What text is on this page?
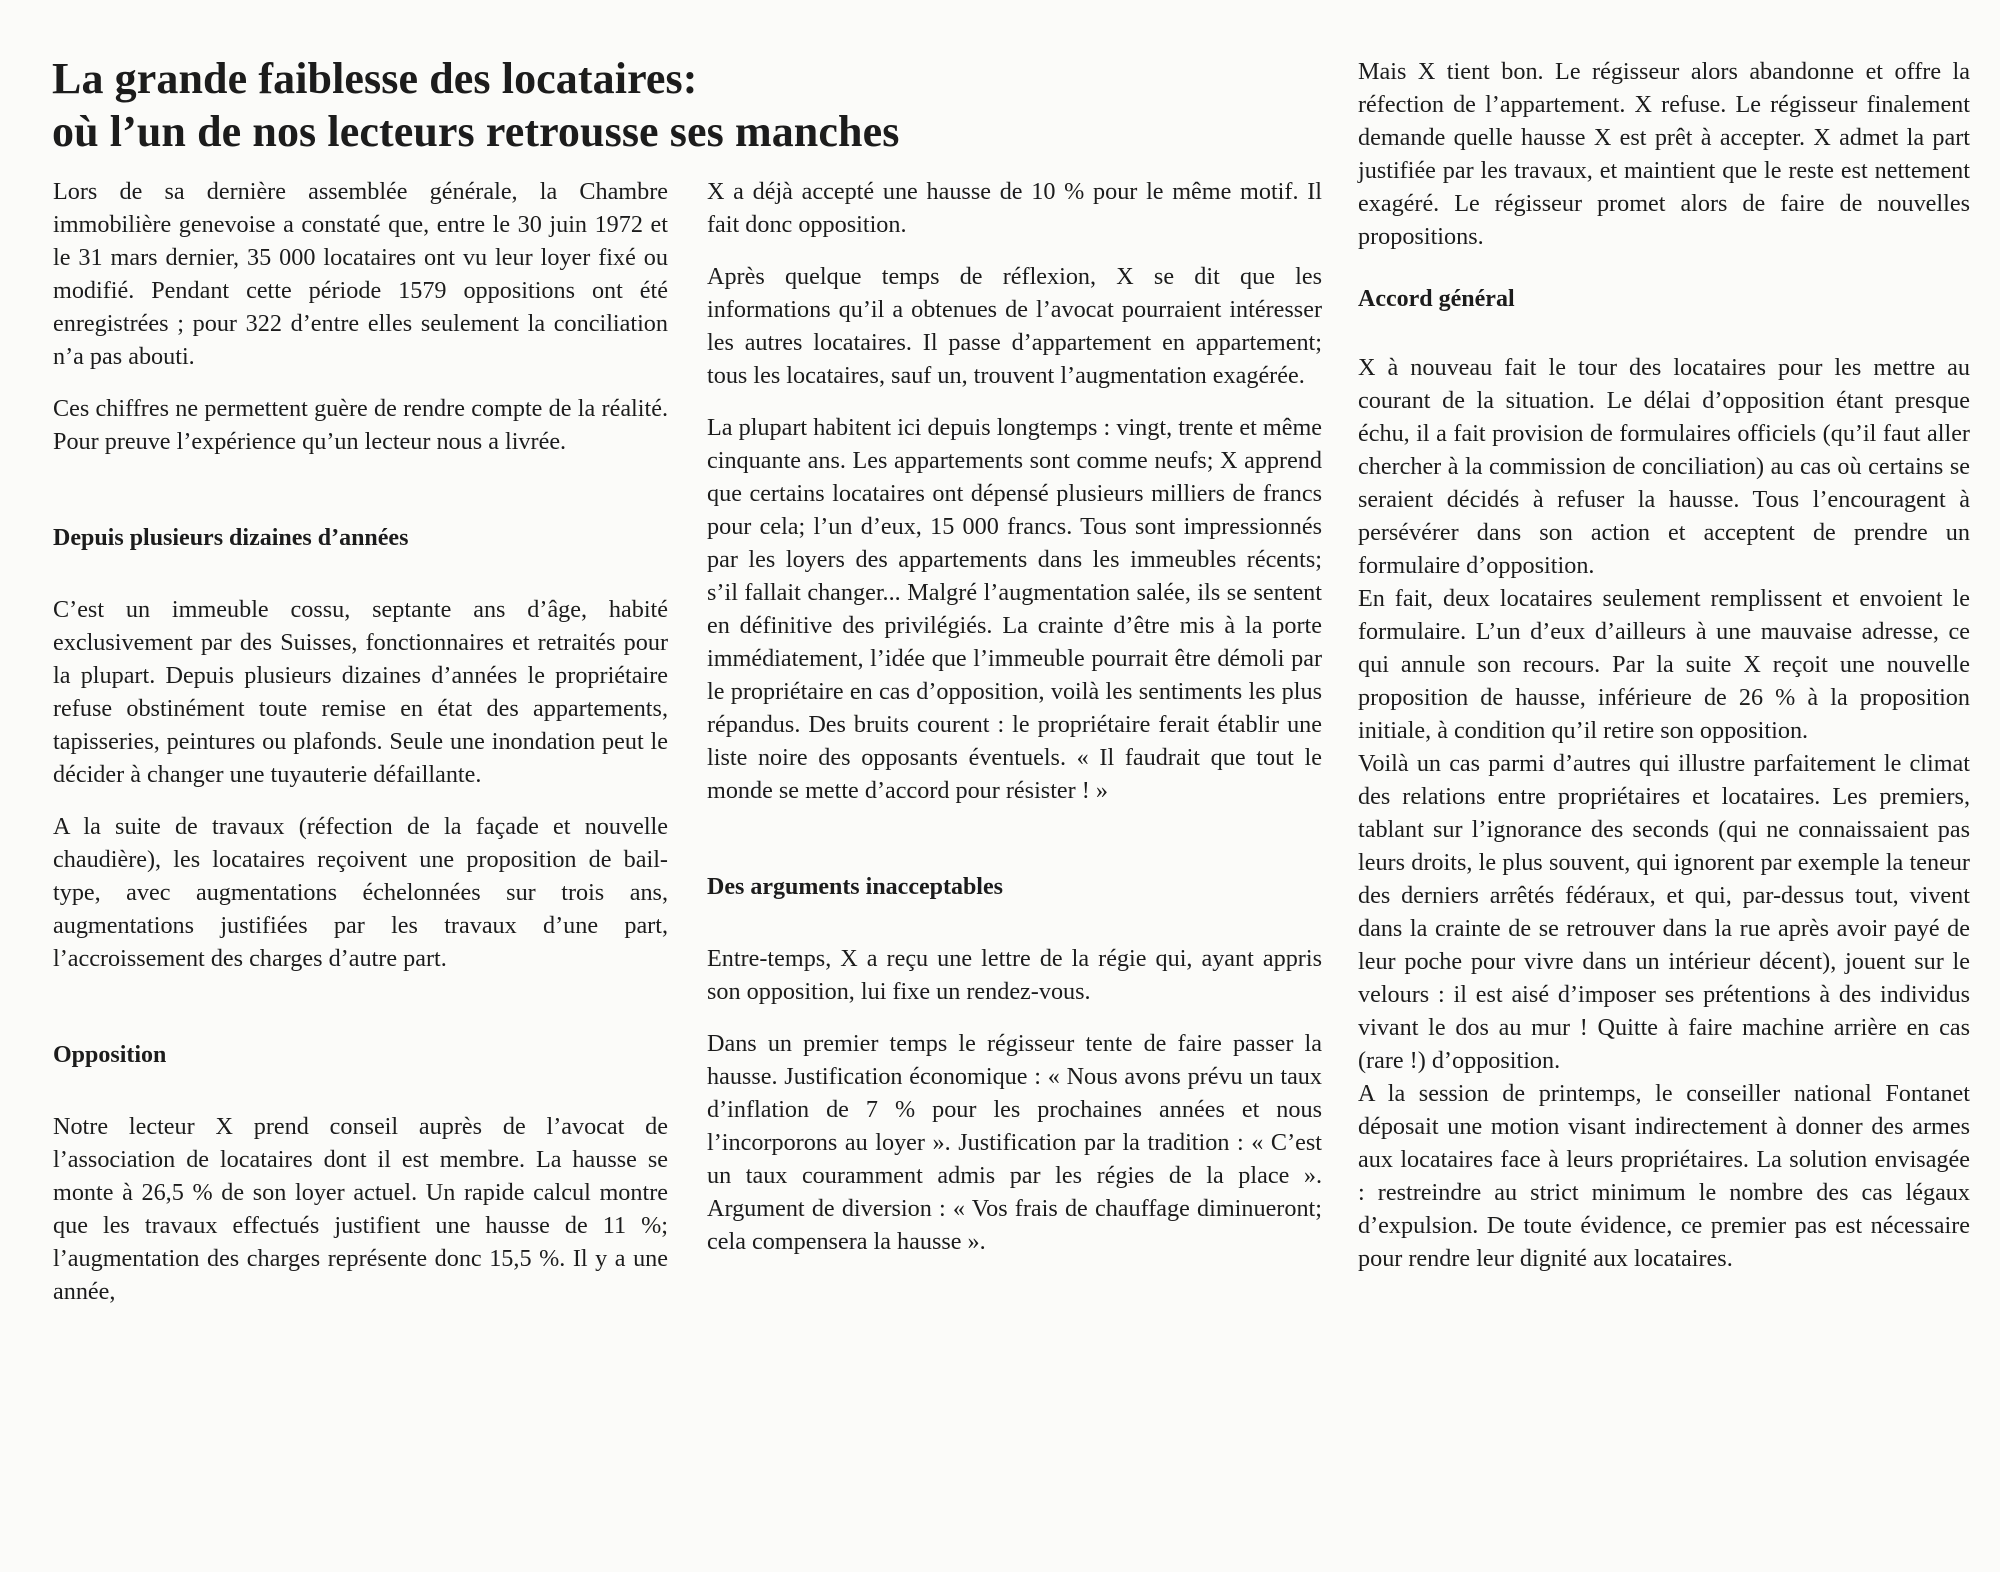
La grande faiblesse des locataires:
où l’un de nos lecteurs retrousse ses manches

Lors de sa dernière assemblée générale, la Chambre immobilière genevoise a constaté que, entre le 30 juin 1972 et le 31 mars dernier, 35 000 locataires ont vu leur loyer fixé ou modifié. Pendant cette période 1579 oppositions ont été enregistrées ; pour 322 d’entre elles seulement la conciliation n’a pas abouti.

Ces chiffres ne permettent guère de rendre compte de la réalité. Pour preuve l’expérience qu’un lecteur nous a livrée.

Depuis plusieurs dizaines d’années

C’est un immeuble cossu, septante ans d’âge, habité exclusivement par des Suisses, fonctionnaires et retraités pour la plupart. Depuis plusieurs dizaines d’années le propriétaire refuse obstinément toute remise en état des appartements, tapisseries, peintures ou plafonds. Seule une inondation peut le décider à changer une tuyauterie défaillante.

A la suite de travaux (réfection de la façade et nouvelle chaudière), les locataires reçoivent une proposition de bail-type, avec augmentations échelonnées sur trois ans, augmentations justifiées par les travaux d’une part, l’accroissement des charges d’autre part.

Opposition

Notre lecteur X prend conseil auprès de l’avocat de l’association de locataires dont il est membre. La hausse se monte à 26,5 % de son loyer actuel. Un rapide calcul montre que les travaux effectués justifient une hausse de 11 %; l’augmentation des charges représente donc 15,5 %. Il y a une année,

X a déjà accepté une hausse de 10 % pour le même motif. Il fait donc opposition.

Après quelque temps de réflexion, X se dit que les informations qu’il a obtenues de l’avocat pourraient intéresser les autres locataires. Il passe d’appartement en appartement; tous les locataires, sauf un, trouvent l’augmentation exagérée.

La plupart habitent ici depuis longtemps : vingt, trente et même cinquante ans. Les appartements sont comme neufs; X apprend que certains locataires ont dépensé plusieurs milliers de francs pour cela; l’un d’eux, 15 000 francs. Tous sont impressionnés par les loyers des appartements dans les immeubles récents; s’il fallait changer... Malgré l’augmentation salée, ils se sentent en définitive des privilégiés. La crainte d’être mis à la porte immédiatement, l’idée que l’immeuble pourrait être démoli par le propriétaire en cas d’opposition, voilà les sentiments les plus répandus. Des bruits courent : le propriétaire ferait établir une liste noire des opposants éventuels. « Il faudrait que tout le monde se mette d’accord pour résister ! »

Des arguments inacceptables

Entre-temps, X a reçu une lettre de la régie qui, ayant appris son opposition, lui fixe un rendez-vous.

Dans un premier temps le régisseur tente de faire passer la hausse. Justification économique : « Nous avons prévu un taux d’inflation de 7 % pour les prochaines années et nous l’incorporons au loyer ». Justification par la tradition : « C’est un taux couramment admis par les régies de la place ». Argument de diversion : « Vos frais de chauffage diminueront; cela compensera la hausse ».

Mais X tient bon. Le régisseur alors abandonne et offre la réfection de l’appartement. X refuse. Le régisseur finalement demande quelle hausse X est prêt à accepter. X admet la part justifiée par les travaux, et maintient que le reste est nettement exagéré. Le régisseur promet alors de faire de nouvelles propositions.

Accord général

X à nouveau fait le tour des locataires pour les mettre au courant de la situation. Le délai d’opposition étant presque échu, il a fait provision de formulaires officiels (qu’il faut aller chercher à la commission de conciliation) au cas où certains se seraient décidés à refuser la hausse. Tous l’encouragent à persévérer dans son action et acceptent de prendre un formulaire d’opposition.

En fait, deux locataires seulement remplissent et envoient le formulaire. L’un d’eux d’ailleurs à une mauvaise adresse, ce qui annule son recours. Par la suite X reçoit une nouvelle proposition de hausse, inférieure de 26 % à la proposition initiale, à condition qu’il retire son opposition.

Voilà un cas parmi d’autres qui illustre parfaitement le climat des relations entre propriétaires et locataires. Les premiers, tablant sur l’ignorance des seconds (qui ne connaissaient pas leurs droits, le plus souvent, qui ignorent par exemple la teneur des derniers arrêtés fédéraux, et qui, par-dessus tout, vivent dans la crainte de se retrouver dans la rue après avoir payé de leur poche pour vivre dans un intérieur décent), jouent sur le velours : il est aisé d’imposer ses prétentions à des individus vivant le dos au mur ! Quitte à faire machine arrière en cas (rare !) d’opposition.

A la session de printemps, le conseiller national Fontanet déposait une motion visant indirectement à donner des armes aux locataires face à leurs propriétaires. La solution envisagée : restreindre au strict minimum le nombre des cas légaux d’expulsion. De toute évidence, ce premier pas est nécessaire pour rendre leur dignité aux locataires.
